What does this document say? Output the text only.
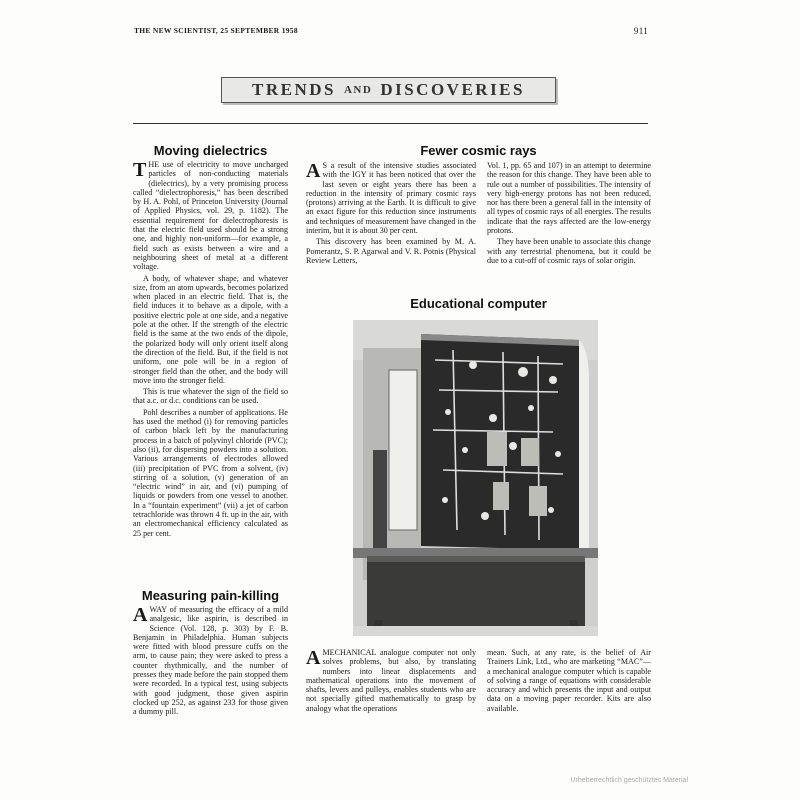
THE NEW SCIENTIST, 25 SEPTEMBER 1958	911
TRENDS AND DISCOVERIES
Moving dielectrics

THE use of electricity to move uncharged particles of non-conducting materials (dielectrics), by a very promising process called “dielectrophoresis,” has been described by H. A. Pohl, of Princeton University (Journal of Applied Physics, vol. 29, p. 1182). The essential requirement for dielectrophoresis is that the electric field used should be a strong one, and highly non-uniform—for example, a field such as exists between a wire and a neighbouring sheet of metal at a different voltage.

A body, of whatever shape, and whatever size, from an atom upwards, becomes polarized when placed in an electric field. That is, the field induces it to behave as a dipole, with a positive electric pole at one side, and a negative pole at the other. If the strength of the electric field is the same at the two ends of the dipole, the polarized body will only orient itself along the direction of the field. But, if the field is not uniform, one pole will be in a region of stronger field than the other, and the body will move into the stronger field.

This is true whatever the sign of the field so that a.c. or d.c. conditions can be used.

Pohl describes a number of applications. He has used the method (i) for removing particles of carbon black left by the manufacturing process in a batch of polyvinyl chloride (PVC); also (ii), for dispersing powders into a solution. Various arrangements of electrodes allowed (iii) precipitation of PVC from a solvent, (iv) stirring of a solution, (v) generation of an “electric wind” in air, and (vi) pumping of liquids or powders from one vessel to another. In a “fountain experiment” (vii) a jet of carbon tetrachloride was thrown 4 ft. up in the air, with an electromechanical efficiency calculated as 25 per cent.

Measuring pain-killing

AWAY of measuring the efficacy of a mild analgesic, like aspirin, is described in Science (Vol. 128, p. 303) by F. B. Benjamin in Philadelphia. Human subjects were fitted with blood pressure cuffs on the arm, to cause pain; they were asked to press a counter rhythmically, and the number of presses they made before the pain stopped them were recorded. In a typical test, using subjects with good judgment, those given aspirin clocked up 252, as against 233 for those given a dummy pill.

Fewer cosmic rays

A S a result of the intensive studies associated with the IGY it has been noticed that over the last seven or eight years there has been a reduction in the intensity of primary cosmic rays (protons) arriving at the Earth. It is difficult to give an exact figure for this reduction since instruments and techniques of measurement have changed in the interim, but it is about 30 per cent.

This discovery has been examined by M. A. Pomerantz, S. P. Agarwal and V. R. Potnis (Physical Review Letters,

Vol. 1, pp. 65 and 107) in an attempt to determine the reason for this change. They have been able to rule out a number of possibilities. The intensity of very high-energy protons has not been reduced, nor has there been a general fall in the intensity of all types of cosmic rays of all energies. The results indicate that the rays affected are the low-energy protons.

They have been unable to associate this change with any terrestrial phenomena, but it could be due to a cut-off of cosmic rays of solar origin.

Educational computer

AMECHANICAL analogue computer not only solves problems, but also, by translating numbers into linear displacements and mathematical operations into the movement of shafts, levers and pulleys, enables students who are not specially gifted mathematically to grasp by analogy what the operations

mean. Such, at any rate, is the belief of Air Trainers Link, Ltd., who are marketing “MAC”—a mechanical analogue computer which is capable of solving a range of equations with considerable accuracy and which presents the input and output data on a moving paper recorder. Kits are also available.

Urheberrechtlich geschütztes Material
